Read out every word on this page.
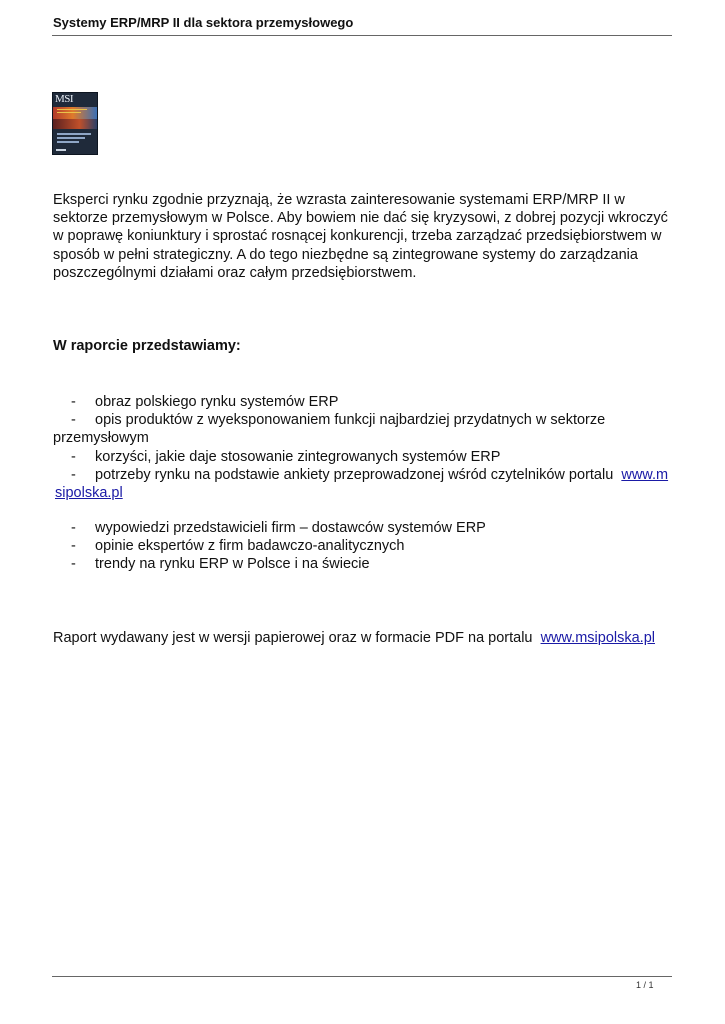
Systemy ERP/MRP II dla sektora przemysłowego
MSI

Eksperci rynku zgodnie przyznają, że wzrasta zainteresowanie systemami ERP/MRP II w
sektorze przemysłowym w Polsce. Aby bowiem nie dać się kryzysowi, z dobrej pozycji wkroczyć
w poprawę koniunktury i sprostać rosnącej konkurencji, trzeba zarządzać przedsiębiorstwem w
sposób w pełni strategiczny. A do tego niezbędne są zintegrowane systemy do zarządzania
poszczególnymi działami oraz całym przedsiębiorstwem.

W raporcie przedstawiamy:
- obraz polskiego rynku systemów ERP
- opis produktów z wyeksponowaniem funkcji najbardziej przydatnych w sektorze
przemysłowym
- korzyści, jakie daje stosowanie zintegrowanych systemów ERP
- potrzeby rynku na podstawie ankiety przeprowadzonej wśród czytelników portalu www.m
sipolska.pl
- wypowiedzi przedstawicieli firm – dostawców systemów ERP
- opinie ekspertów z firm badawczo-analitycznych
- trendy na rynku ERP w Polsce i na świecie

Raport wydawany jest w wersji papierowej oraz w formacie PDF na portalu www.msipolska.pl

1 / 1
